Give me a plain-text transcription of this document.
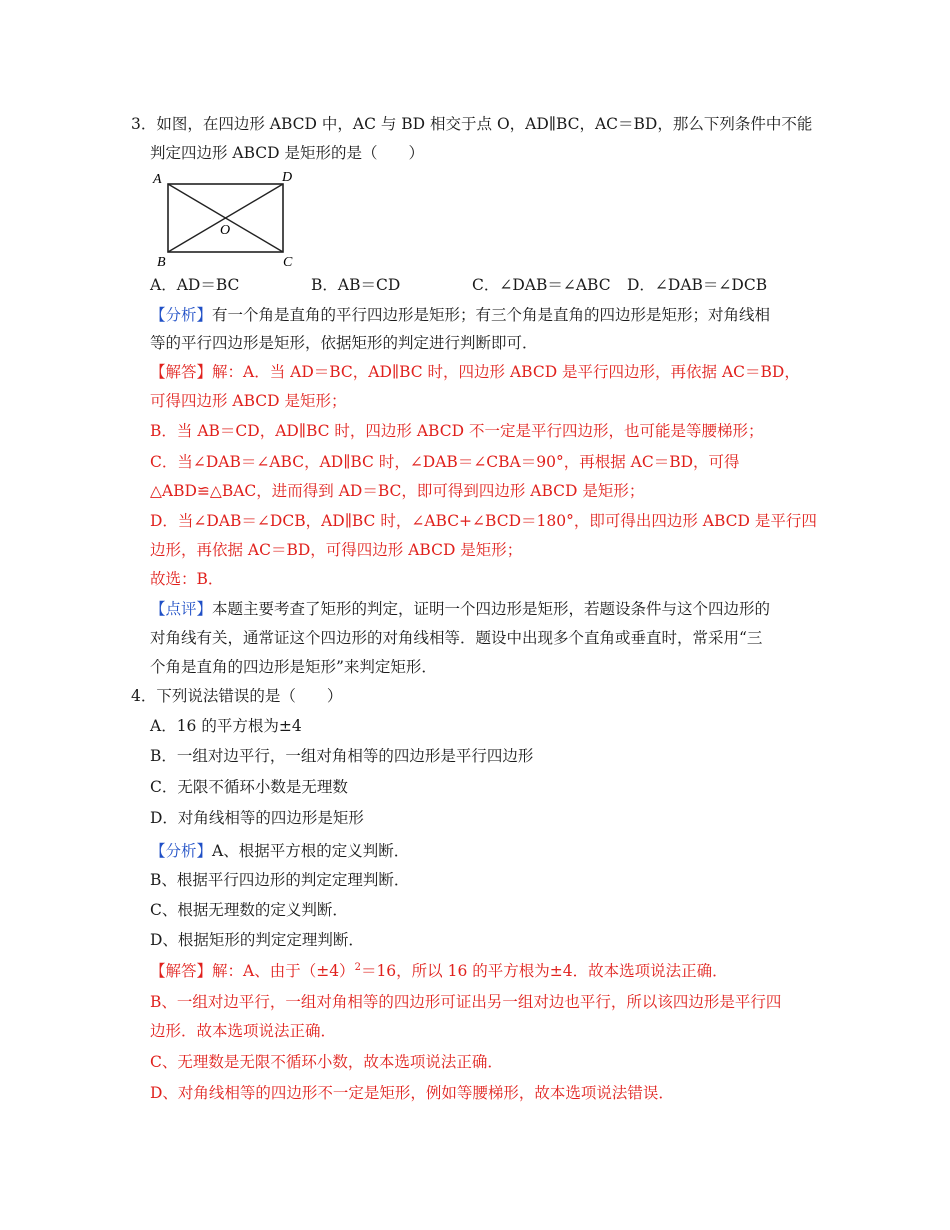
3．如图，在四边形 ABCD 中，AC 与 BD 相交于点 O，AD∥BC，AC＝BD，那么下列条件中不能
判定四边形 ABCD 是矩形的是（　　）
A	D
B	C
O
A．AD＝BC	B．AB＝CD	C．∠DAB＝∠ABC D．∠DAB＝∠DCB
【分析】有一个角是直角的平行四边形是矩形；有三个角是直角的四边形是矩形；对角线相
等的平行四边形是矩形，依据矩形的判定进行判断即可．
【解答】解：A．当 AD＝BC，AD∥BC 时，四边形 ABCD 是平行四边形，再依据 AC＝BD，
可得四边形 ABCD 是矩形；
B．当 AB＝CD，AD∥BC 时，四边形 ABCD 不一定是平行四边形，也可能是等腰梯形；
C．当∠DAB＝∠ABC，AD∥BC 时，∠DAB＝∠CBA＝90°，再根据 AC＝BD，可得
△ABD≌△BAC，进而得到 AD＝BC，即可得到四边形 ABCD 是矩形；
D．当∠DAB＝∠DCB，AD∥BC 时，∠ABC+∠BCD＝180°，即可得出四边形 ABCD 是平行四
边形，再依据 AC＝BD，可得四边形 ABCD 是矩形；
故选：B．
【点评】本题主要考查了矩形的判定，证明一个四边形是矩形，若题设条件与这个四边形的
对角线有关，通常证这个四边形的对角线相等．题设中出现多个直角或垂直时，常采用“三
个角是直角的四边形是矩形”来判定矩形．
4．下列说法错误的是（　　）
A．16 的平方根为±4
B．一组对边平行，一组对角相等的四边形是平行四边形
C．无限不循环小数是无理数
D．对角线相等的四边形是矩形
【分析】A、根据平方根的定义判断．
B、根据平行四边形的判定定理判断．
C、根据无理数的定义判断．
D、根据矩形的判定定理判断．
【解答】解：A、由于$(\pm 4)^2=16$，所以 16 的平方根为±4．故本选项说法正确．
B、一组对边平行，一组对角相等的四边形可证出另一组对边也平行，所以该四边形是平行四
边形．故本选项说法正确．
C、无理数是无限不循环小数，故本选项说法正确．
D、对角线相等的四边形不一定是矩形，例如等腰梯形，故本选项说法错误．
